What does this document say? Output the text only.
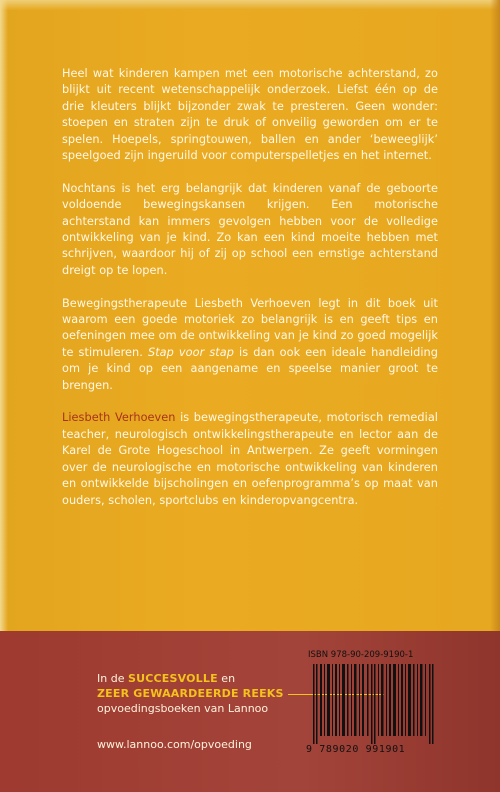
Heel wat kinderen kampen met een motorische achterstand, zo blijkt uit recent wetenschappelijk onderzoek. Liefst één op de drie kleuters blijkt bijzonder zwak te presteren. Geen wonder: stoepen en straten zijn te druk of onveilig geworden om er te spelen. Hoepels, springtouwen, ballen en ander ‘beweeglijk’ speelgoed zijn ingeruild voor computerspelletjes en het internet.

Nochtans is het erg belangrijk dat kinderen vanaf de geboorte voldoende bewegingskansen krijgen. Een motorische achterstand kan immers gevolgen hebben voor de volledige ontwikkeling van je kind. Zo kan een kind moeite hebben met schrijven, waardoor hij of zij op school een ernstige achterstand dreigt op te lopen.

Bewegingstherapeute Liesbeth Verhoeven legt in dit boek uit waarom een goede motoriek zo belangrijk is en geeft tips en oefeningen mee om de ontwikkeling van je kind zo goed mogelijk te stimuleren. Stap voor stap is dan ook een ideale handleiding om je kind op een aangename en speelse manier groot te brengen.

Liesbeth Verhoeven is bewegingstherapeute, motorisch remedial teacher, neurologisch ontwikkelingstherapeute en lector aan de Karel de Grote Hogeschool in Antwerpen. Ze geeft vormingen over de neurologische en motorische ontwikkeling van kinderen en ontwikkelde bijscholingen en oefenprogramma’s op maat van ouders, scholen, sportclubs en kinderopvangcentra.

In de SUCCESVOLLE en
ZEER GEWAARDEERDE REEKS
opvoedingsboeken van Lannoo
www.lannoo.com/opvoeding
ISBN 978-90-209-9190-1
9 789020 991901
